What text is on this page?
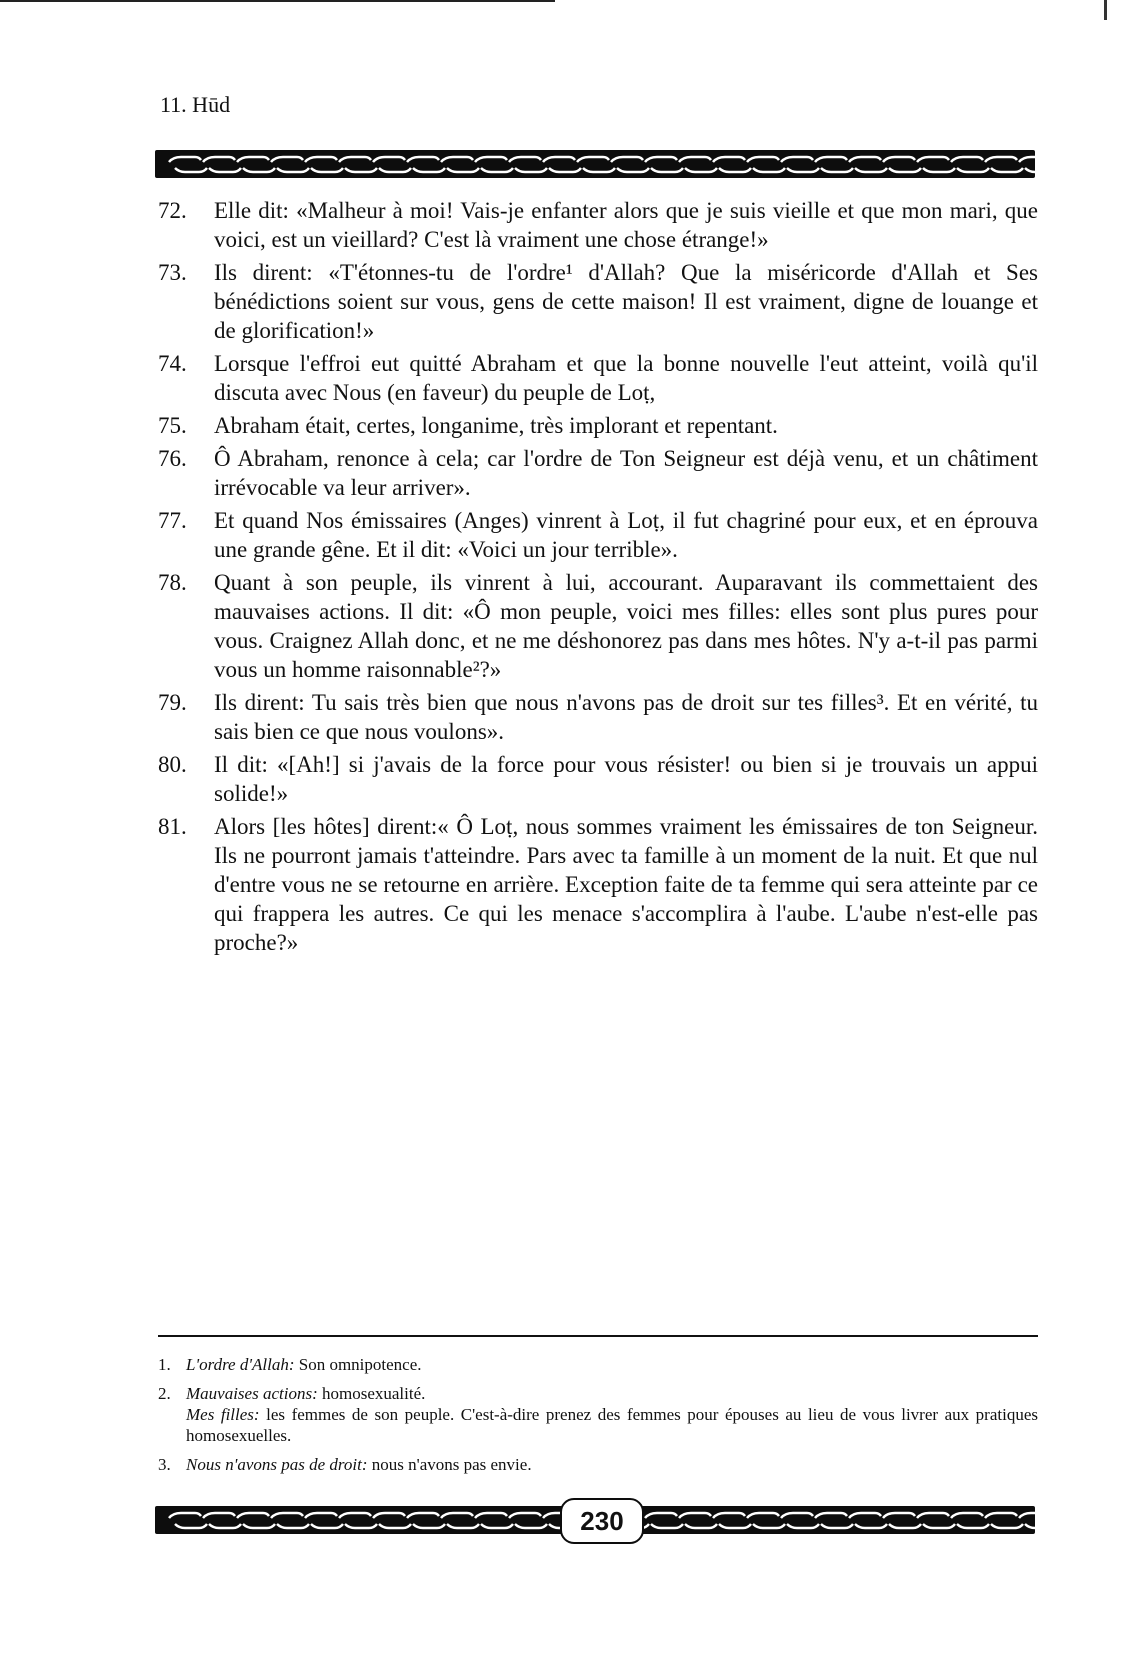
11. Hūd
72.	Elle dit: «Malheur à moi! Vais-je enfanter alors que je suis vieille et que mon mari, que voici, est un vieillard? C'est là vraiment une chose étrange!»
73.	Ils dirent: «T'étonnes-tu de l'ordre¹ d'Allah? Que la miséricorde d'Allah et Ses bénédictions soient sur vous, gens de cette maison! Il est vraiment, digne de louange et de glorification!»
74.	Lorsque l'effroi eut quitté Abraham et que la bonne nouvelle l'eut atteint, voilà qu'il discuta avec Nous (en faveur) du peuple de Loṭ,
75.	Abraham était, certes, longanime, très implorant et repentant.
76.	Ô Abraham, renonce à cela; car l'ordre de Ton Seigneur est déjà venu, et un châtiment irrévocable va leur arriver».
77.	Et quand Nos émissaires (Anges) vinrent à Loṭ, il fut chagriné pour eux, et en éprouva une grande gêne. Et il dit: «Voici un jour terrible».
78.	Quant à son peuple, ils vinrent à lui, accourant. Auparavant ils commettaient des mauvaises actions. Il dit: «Ô mon peuple, voici mes filles: elles sont plus pures pour vous. Craignez Allah donc, et ne me déshonorez pas dans mes hôtes. N'y a-t-il pas parmi vous un homme raisonnable²?»
79.	Ils dirent: Tu sais très bien que nous n'avons pas de droit sur tes filles³. Et en vérité, tu sais bien ce que nous voulons».
80.	Il dit: «[Ah!] si j'avais de la force pour vous résister! ou bien si je trouvais un appui solide!»
81.	Alors [les hôtes] dirent:« Ô Loṭ, nous sommes vraiment les émissaires de ton Seigneur. Ils ne pourront jamais t'atteindre. Pars avec ta famille à un moment de la nuit. Et que nul d'entre vous ne se retourne en arrière. Exception faite de ta femme qui sera atteinte par ce qui frappera les autres. Ce qui les menace s'accomplira à l'aube. L'aube n'est-elle pas proche?»
1. L'ordre d'Allah: Son omnipotence.

2. Mauvaises actions: homosexualité.

Mes filles: les femmes de son peuple. C'est-à-dire prenez des femmes pour épouses au lieu de vous livrer aux pratiques homosexuelles.

3. Nous n'avons pas de droit: nous n'avons pas envie.

230
